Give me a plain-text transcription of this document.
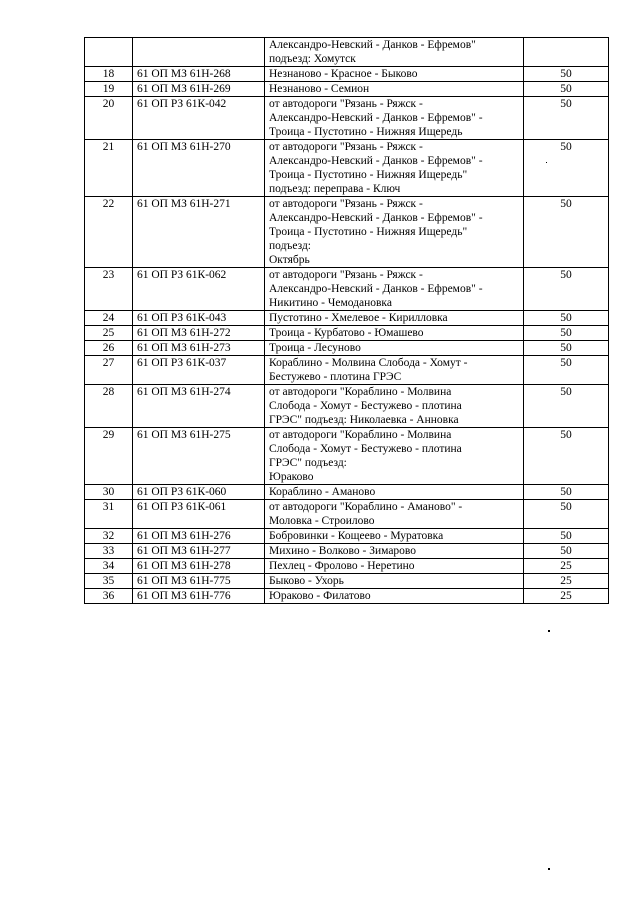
		Александро-Невский - Данков - Ефремов"
подъезд: Хомутск	
18	61 ОП МЗ 61Н-268	Незнаново - Красное - Быково	50
19	61 ОП МЗ 61Н-269	Незнаново - Семион	50
20	61 ОП РЗ 61К-042	от автодороги "Рязань - Ряжск -
Александро-Невский - Данков - Ефремов" -
Троица - Пустотино - Нижняя Ищередь	50
21	61 ОП МЗ 61Н-270	от автодороги "Рязань - Ряжск -
Александро-Невский - Данков - Ефремов" -
Троица - Пустотино - Нижняя Ищередь"
подъезд: переправа - Ключ	50
22	61 ОП МЗ 61Н-271	от автодороги "Рязань - Ряжск -
Александро-Невский - Данков - Ефремов" -
Троица - Пустотино - Нижняя Ищередь"
подъезд:
Октябрь	50
23	61 ОП РЗ 61К-062	от автодороги "Рязань - Ряжск -
Александро-Невский - Данков - Ефремов" -
Никитино - Чемодановка	50
24	61 ОП РЗ 61К-043	Пустотино - Хмелевое - Кирилловка	50
25	61 ОП МЗ 61Н-272	Троица - Курбатово - Юмашево	50
26	61 ОП МЗ 61Н-273	Троица - Лесуново	50
27	61 ОП РЗ 61К-037	Кораблино - Молвина Слобода - Хомут -
Бестужево - плотина ГРЭС	50
28	61 ОП МЗ 61Н-274	от автодороги "Кораблино - Молвина
Слобода - Хомут - Бестужево - плотина
ГРЭС" подъезд: Николаевка - Анновка	50
29	61 ОП МЗ 61Н-275	от автодороги "Кораблино - Молвина
Слобода - Хомут - Бестужево - плотина
ГРЭС" подъезд:
Юраково	50
30	61 ОП РЗ 61К-060	Кораблино - Аманово	50
31	61 ОП РЗ 61К-061	от автодороги "Кораблино - Аманово" -
Моловка - Строилово	50
32	61 ОП МЗ 61Н-276	Бобровинки - Кощеево - Муратовка	50
33	61 ОП МЗ 61Н-277	Михино - Волково - Зимарово	50
34	61 ОП МЗ 61Н-278	Пехлец - Фролово - Неретино	25
35	61 ОП МЗ 61Н-775	Быково - Ухорь	25
36	61 ОП МЗ 61Н-776	Юраково - Филатово	25
